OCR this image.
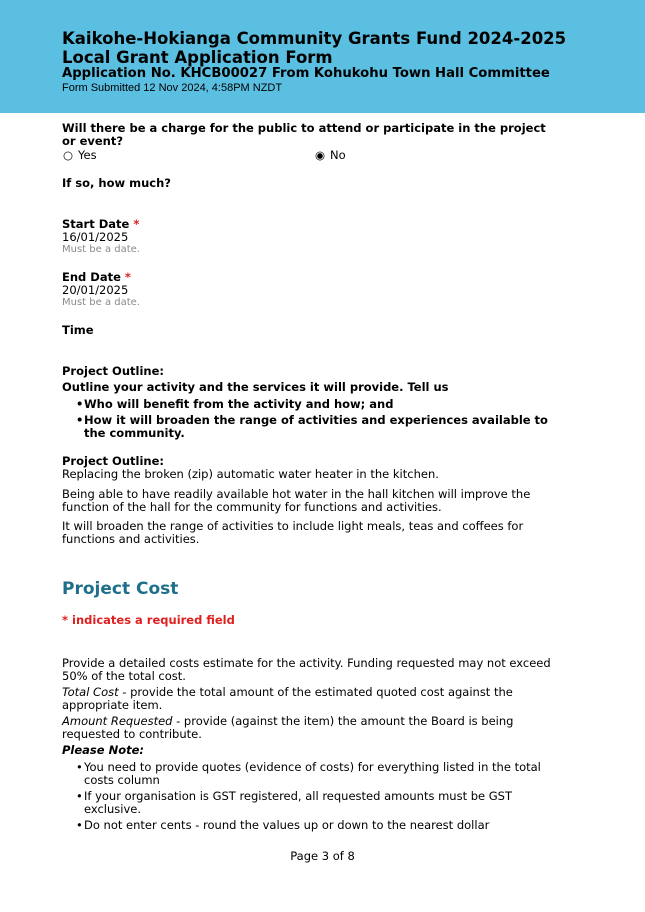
Kaikohe-Hokianga Community Grants Fund 2024-2025
Local Grant Application Form
Application No. KHCB00027 From Kohukohu Town Hall Committee
Form Submitted 12 Nov 2024, 4:58PM NZDT
Will there be a charge for the public to attend or participate in the project or event?
○ Yes	◉ No
If so, how much?
Start Date *
16/01/2025
Must be a date.
End Date *
20/01/2025
Must be a date.
Time
Project Outline:
Outline your activity and the services it will provide. Tell us
• Who will benefit from the activity and how; and
• How it will broaden the range of activities and experiences available to the community.
Project Outline:
Replacing the broken (zip) automatic water heater in the kitchen.
Being able to have readily available hot water in the hall kitchen will improve the function of the hall for the community for functions and activities.
It will broaden the range of activities to include light meals, teas and coffees for functions and activities.
Project Cost
* indicates a required field
Provide a detailed costs estimate for the activity. Funding requested may not exceed 50% of the total cost.
Total Cost - provide the total amount of the estimated quoted cost against the appropriate item.
Amount Requested - provide (against the item) the amount the Board is being requested to contribute.
Please Note:
• You need to provide quotes (evidence of costs) for everything listed in the total costs column
• If your organisation is GST registered, all requested amounts must be GST exclusive.
• Do not enter cents - round the values up or down to the nearest dollar
Page 3 of 8
